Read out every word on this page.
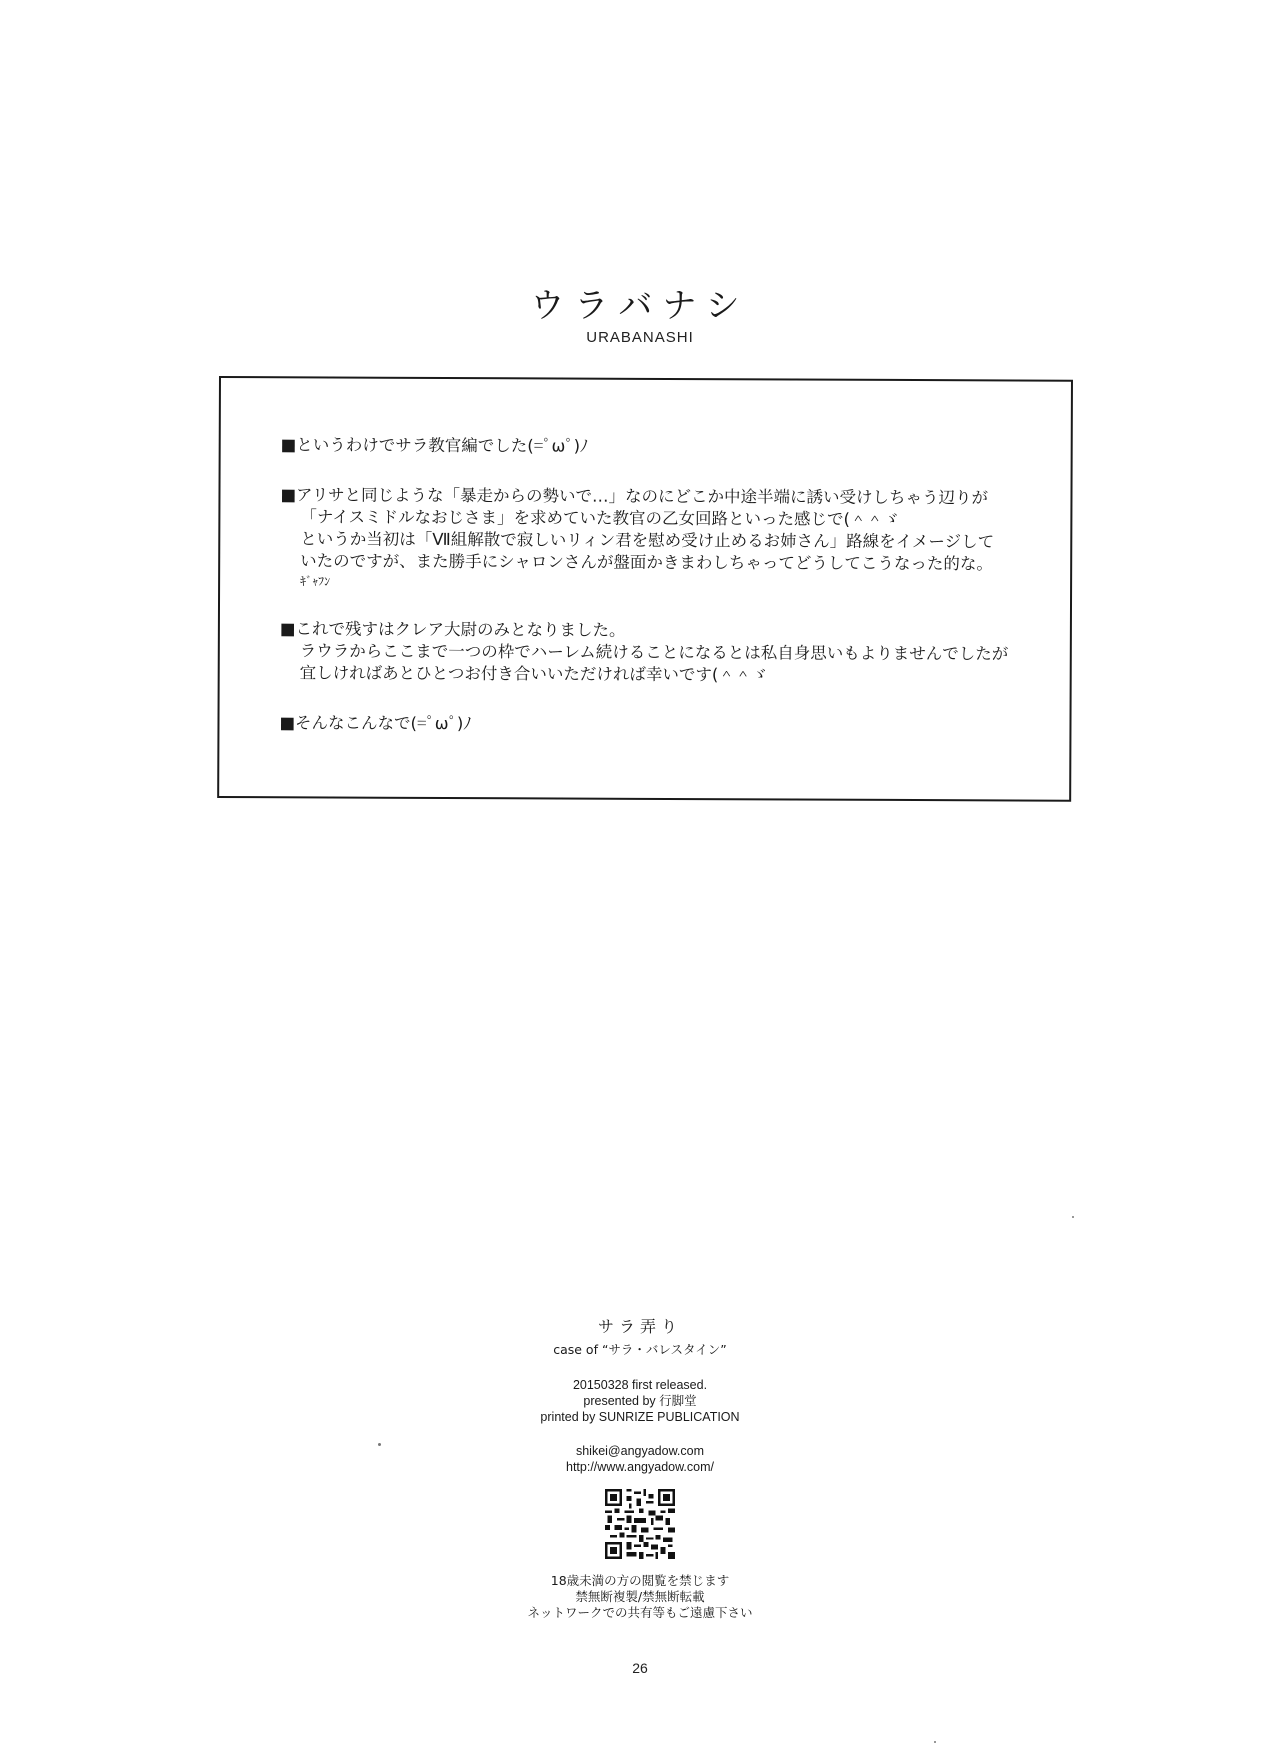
ウラバナシ
URABANASHI
■というわけでサラ教官編でした(=ﾟωﾟ)ﾉ
■アリサと同じような「暴走からの勢いで…」なのにどこか中途半端に誘い受けしちゃう辺りが
「ナイスミドルなおじさま」を求めていた教官の乙女回路といった感じで(＾＾ゞ
というか当初は「Ⅶ組解散で寂しいリィン君を慰め受け止めるお姉さん」路線をイメージして
いたのですが、また勝手にシャロンさんが盤面かきまわしちゃってどうしてこうなった的な。
ｷﾞｬﾌﾝ
■これで残すはクレア大尉のみとなりました。
ラウラからここまで一つの枠でハーレム続けることになるとは私自身思いもよりませんでしたが
宜しければあとひとつお付き合いいただければ幸いです(＾＾ゞ
■そんなこんなで(=ﾟωﾟ)ﾉ
サラ弄り
case of “サラ・バレスタイン”
20150328 first released.
presented by 行脚堂
printed by SUNRIZE PUBLICATION
shikei@angyadow.com
http://www.angyadow.com/
18歳未満の方の閲覧を禁じます
禁無断複製/禁無断転載
ネットワークでの共有等もご遠慮下さい
26
